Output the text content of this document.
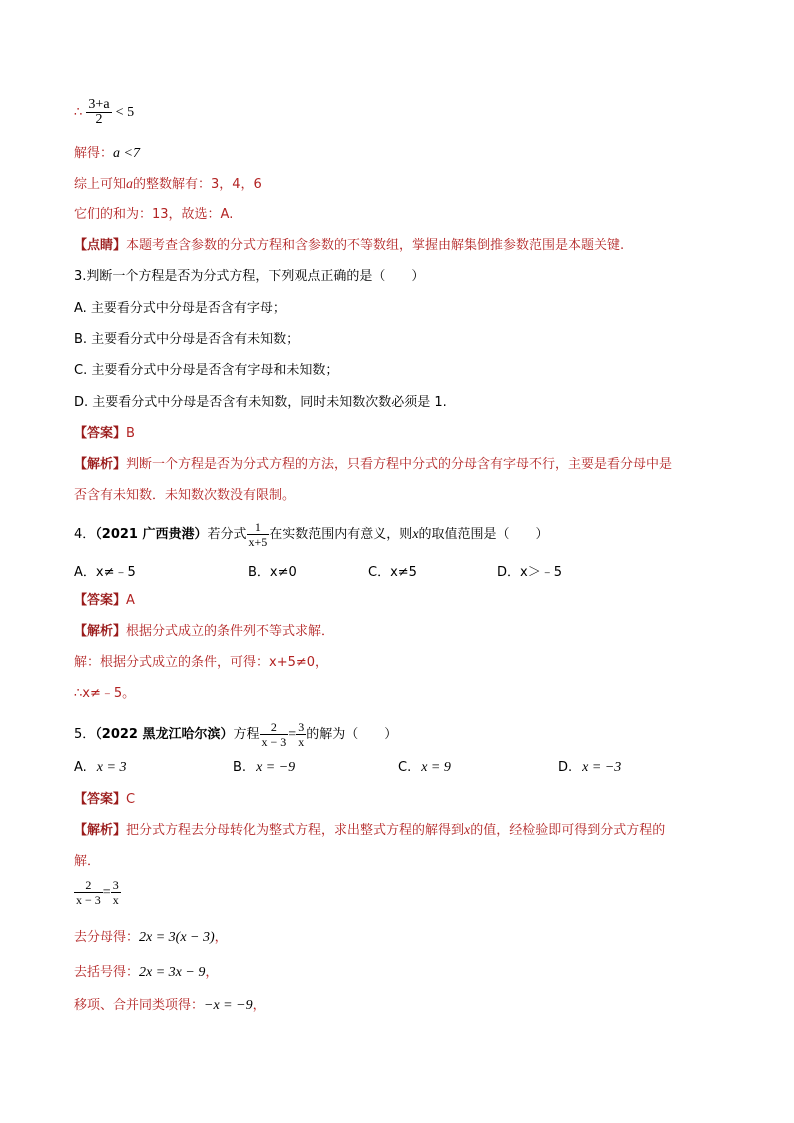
∴ $\frac{3+a}{2} < 5$
解得：a <7
综上可知a的整数解有：3，4，6
它们的和为：13，故选：A.
【点睛】本题考查含参数的分式方程和含参数的不等数组，掌握由解集倒推参数范围是本题关键.
3.判断一个方程是否为分式方程，下列观点正确的是（　　）
A. 主要看分式中分母是否含有字母；
B. 主要看分式中分母是否含有未知数；
C. 主要看分式中分母是否含有字母和未知数；
D. 主要看分式中分母是否含有未知数，同时未知数次数必须是 1.
【答案】B
【解析】判断一个方程是否为分式方程的方法，只看方程中分式的分母含有字母不行，主要是看分母中是
否含有未知数．未知数次数没有限制。
4．（2021 广西贵港）若分式 $\frac{1}{x+5}$ 在实数范围内有意义，则x的取值范围是（　　）
A．x≠﹣5	B．x≠0	C．x≠5	D．x＞﹣5
【答案】A
【解析】根据分式成立的条件列不等式求解．
解：根据分式成立的条件，可得：x+5≠0，
∴x≠﹣5。
5．（2022 黑龙江哈尔滨）方程 $\frac{2}{x - 3} = \frac{3}{x}$ 的解为（　　）
A. x = 3	B. x = −9	C. x = 9	D. x = −3
【答案】C
【解析】把分式方程去分母转化为整式方程，求出整式方程的解得到x的值，经检验即可得到分式方程的
解．
$\frac{2}{x - 3} = \frac{3}{x}$
去分母得：2x = 3(x − 3)，
去括号得：2x = 3x − 9，
移项、合并同类项得：−x = −9，
